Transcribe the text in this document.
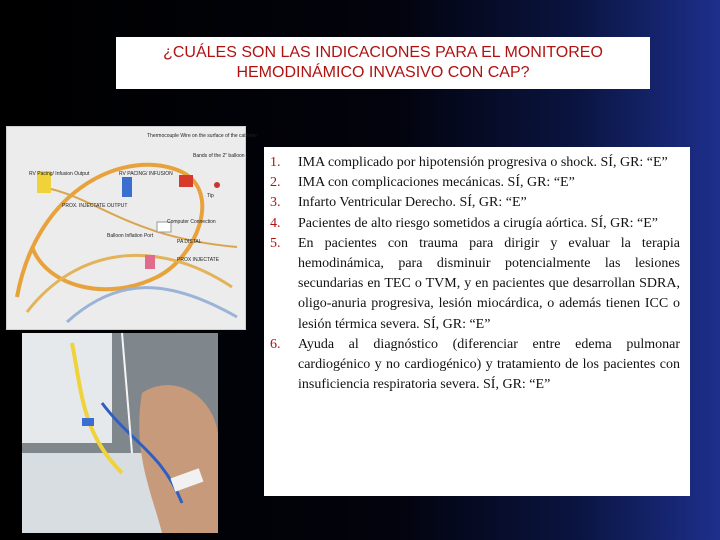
¿CUÁLES SON LAS INDICACIONES PARA EL MONITOREO
HEMODINÁMICO INVASIVO CON CAP?
Thermocouple Wire on the surface of the catheter
RV Pacing/ Infusion Output	RV PACING/ INFUSION
Bands of the 2" balloon
Tip
PROX. INJECTATE OUTPUT
Computer Connection
Balloon Inflation Port
PA DISTAL
PROX INJECTATE
1.	IMA complicado por hipotensión progresiva o shock. SÍ, GR: “E”
2.	IMA con complicaciones mecánicas. SÍ, GR: “E”
3.	Infarto Ventricular Derecho. SÍ, GR: “E”
4.	Pacientes de alto riesgo sometidos a cirugía aórtica. SÍ, GR: “E”
5.	En pacientes con trauma para dirigir y evaluar la terapia hemodinámica, para disminuir potencialmente las lesiones secundarias en TEC o TVM, y en pacientes que desarrollan SDRA, oligo-anuria progresiva, lesión miocárdica, o además tienen ICC o lesión térmica severa. SÍ, GR: “E”
6.	Ayuda al diagnóstico (diferenciar entre edema pulmonar cardiogénico y no cardiogénico) y tratamiento de los pacientes con insuficiencia respiratoria severa. SÍ, GR: “E”
